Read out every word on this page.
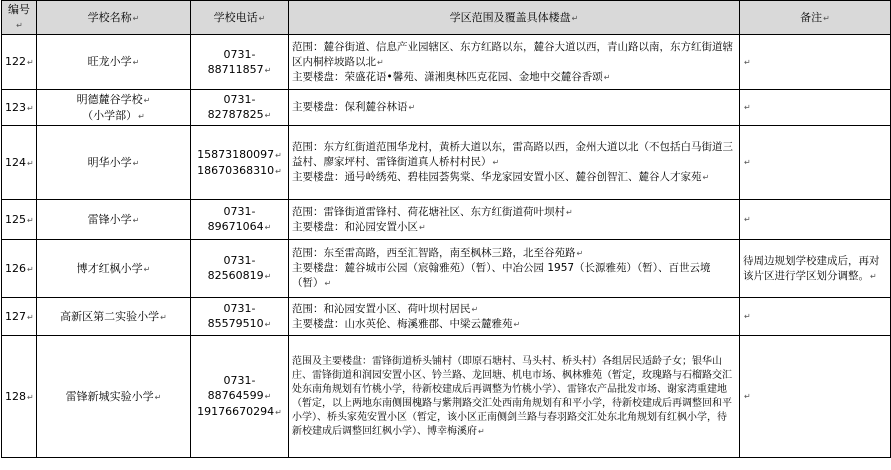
编号↵	学校名称↵	学校电话↵	学区范围及覆盖具体楼盘↵	备注↵
122↵	旺龙小学↵	0731-88711857↵	范围：麓谷街道、信息产业园辖区、东方红路以东，麓谷大道以西，青山路以南，东方红街道辖区内桐梓坡路以北↵
主要楼盘：荣盛花语•馨苑、潇湘奥林匹克花园、金地中交麓谷香颂↵	↵
123↵	明德麓谷学校↵
（小学部）↵	0731-82787825↵	主要楼盘：保利麓谷林语↵	↵
124↵	明华小学↵	15873180097↵
18670368310↵	范围：东方红街道范围华龙村，黄桥大道以东，雷高路以西，金州大道以北（不包括白马街道三益村、廖家坪村、雷锋街道真人桥村村民）↵
主要楼盘：通号岭绣苑、碧桂园荟隽棠、华龙家园安置小区、麓谷创智汇、麓谷人才家苑↵	↵
125↵	雷锋小学↵	0731-89671064↵	范围：雷锋街道雷锋村、荷花塘社区、东方红街道荷叶坝村↵
主要楼盘：和沁园安置小区↵	↵
126↵	博才红枫小学↵	0731-82560819↵	范围：东至雷高路，西至汇智路，南至枫林三路，北至谷苑路↵
主要楼盘：麓谷城市公园（宸翰雅苑）（暂）、中冶公园 1957（长源雅苑）（暂）、百世云境（暂）↵	待周边规划学校建成后，再对该片区进行学区划分调整。↵
127↵	高新区第二实验小学↵	0731-85579510↵	范围：和沁园安置小区、荷叶坝村居民↵
主要楼盘：山水英伦、梅溪雅郡、中梁云麓雅苑↵	↵
128↵	雷锋新城实验小学↵	0731-88764599↵
19176670294↵	范围及主要楼盘：雷锋街道桥头铺村（即原石塘村、马头村、桥头村）各组居民适龄子女；银华山庄、雷锋街道和润园安置小区、钤兰路、龙回塘、机电市场、枫林雅苑（暂定，玫瑰路与石榴路交汇处东南角规划有竹桃小学，待新校建成后再调整为竹桃小学）、雷锋农产品批发市场、谢家湾重建地（暂定，以上两地东南侧围槐路与紫荆路交汇处西南角规划有和平小学，待新校建成后再调整回和平小学）、桥头家苑安置小区（暂定，该小区正南侧剑兰路与春羽路交汇处东北角规划有红枫小学，待新校建成后调整回红枫小学）、博幸梅溪府↵	↵
